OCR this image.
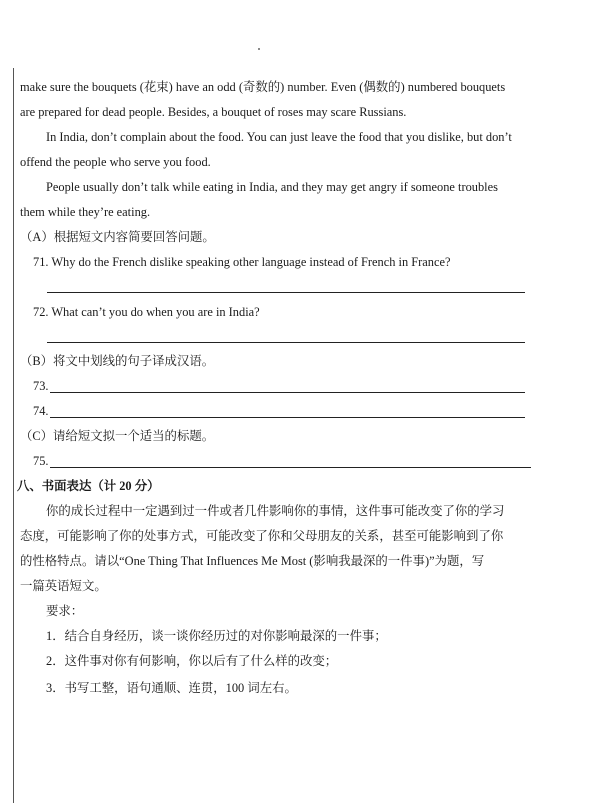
make sure the bouquets (花束) have an odd (奇数的) number. Even (偶数的) numbered bouquets
are prepared for dead people. Besides, a bouquet of roses may scare Russians.
In India, don’t complain about the food. You can just leave the food that you dislike, but don’t
offend the people who serve you food.
People usually don’t talk while eating in India, and they may get angry if someone troubles
them while they’re eating.
（A）根据短文内容简要回答问题。
71. Why do the French dislike speaking other language instead of French in France?
72. What can’t you do when you are in India?
（B）将文中划线的句子译成汉语。
73.
74.
（C）请给短文拟一个适当的标题。
75.
八、书面表达（计 20 分）
你的成长过程中一定遇到过一件或者几件影响你的事情，这件事可能改变了你的学习
态度，可能影响了你的处事方式，可能改变了你和父母朋友的关系，甚至可能影响到了你
的性格特点。请以“One Thing That Influences Me Most (影响我最深的一件事)”为题，写
一篇英语短文。
要求：
1．结合自身经历，谈一谈你经历过的对你影响最深的一件事；
2．这件事对你有何影响，你以后有了什么样的改变；
3．书写工整，语句通顺、连贯，100 词左右。
